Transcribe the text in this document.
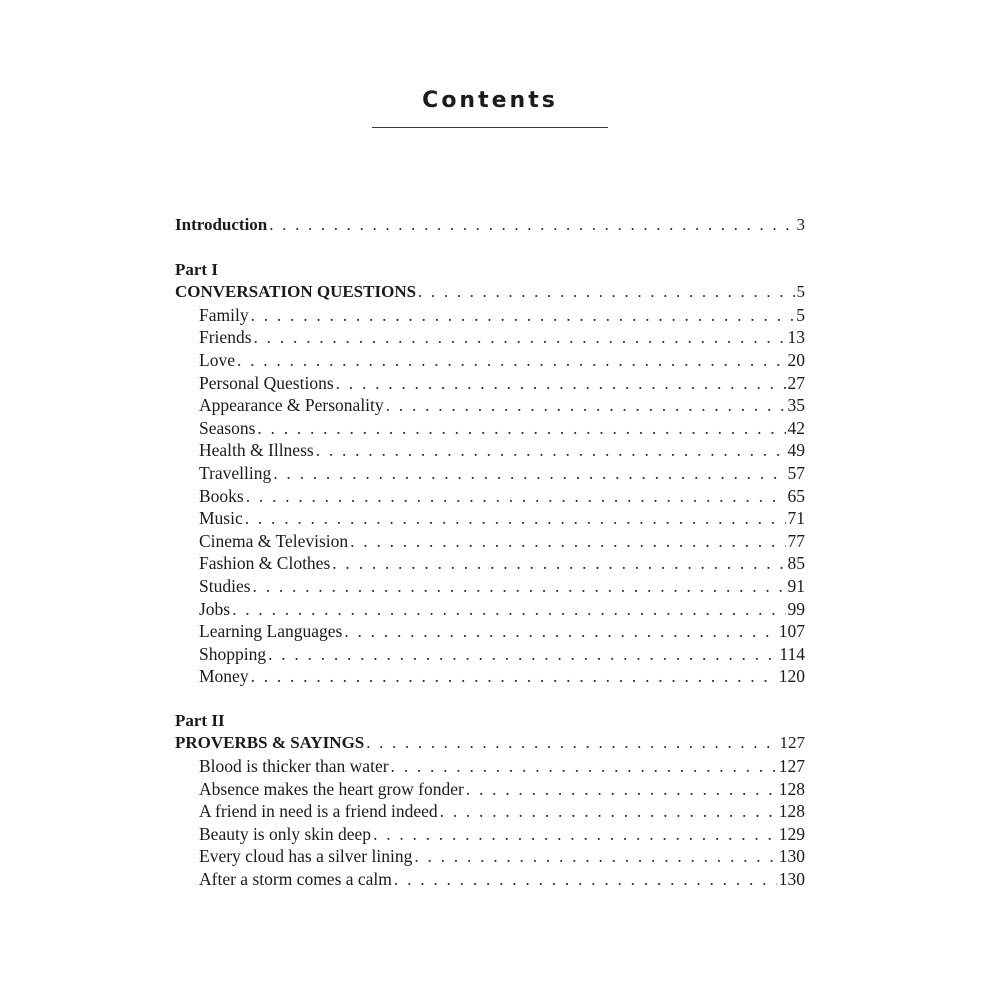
Contents
Introduction . . .	3
Part I
CONVERSATION QUESTIONS . . .	5
Family . . .	5
Friends . . .	13
Love . . .	20
Personal Questions . . .	27
Appearance & Personality . . .	35
Seasons . . .	42
Health & Illness . . .	49
Travelling . . .	57
Books . . .	65
Music . . .	71
Cinema & Television . . .	77
Fashion & Clothes . . .	85
Studies . . .	91
Jobs . . .	99
Learning Languages . . .	107
Shopping . . .	114
Money . . .	120
Part II
PROVERBS & SAYINGS . . .	127
Blood is thicker than water . . .	127
Absence makes the heart grow fonder . . .	128
A friend in need is a friend indeed . . .	128
Beauty is only skin deep . . .	129
Every cloud has a silver lining . . .	130
After a storm comes a calm . . .	130
